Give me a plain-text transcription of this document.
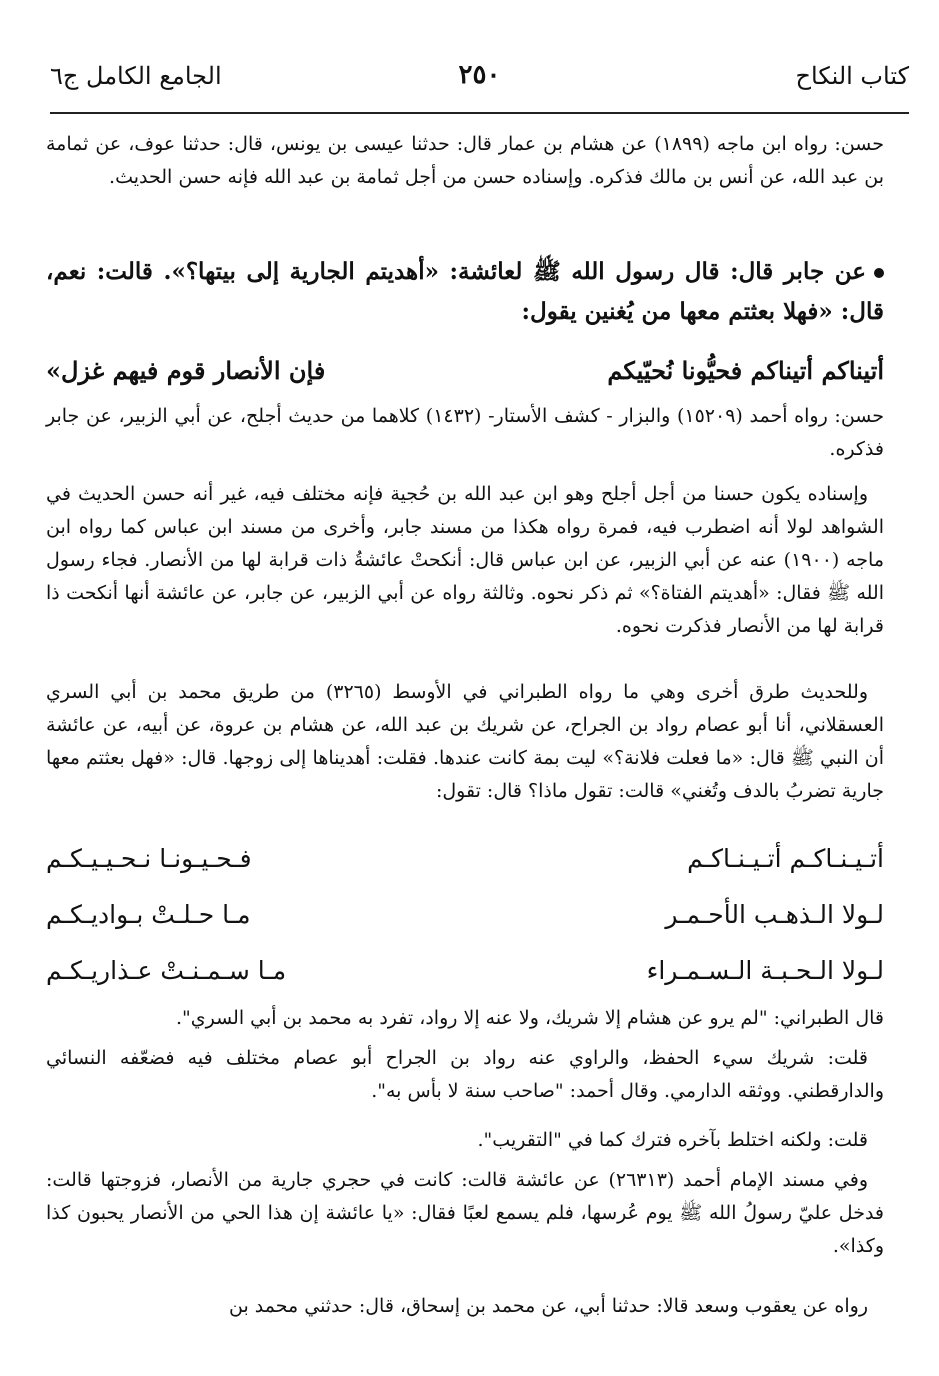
كتاب النكاح
٢٥٠
الجامع الكامل ج٦

حسن: رواه ابن ماجه (١٨٩٩) عن هشام بن عمار قال: حدثنا عيسى بن يونس، قال: حدثنا عوف، عن ثمامة بن عبد الله، عن أنس بن مالك فذكره. وإسناده حسن من أجل ثمامة بن عبد الله فإنه حسن الحديث.

عن جابر قال: قال رسول الله ﷺ لعائشة: «أهديتم الجارية إلى بيتها؟». قالت: نعم، قال: «فهلا بعثتم معها من يُغنين يقول:

أتيناكم أتيناكم فحيُّونا نُحيّيكم
فإن الأنصار قوم فيهم غزل»

حسن: رواه أحمد (١٥٢٠٩) والبزار - كشف الأستار- (١٤٣٢) كلاهما من حديث أجلح، عن أبي الزبير، عن جابر فذكره.

وإسناده يكون حسنا من أجل أجلح وهو ابن عبد الله بن حُجية فإنه مختلف فيه، غير أنه حسن الحديث في الشواهد لولا أنه اضطرب فيه، فمرة رواه هكذا من مسند جابر، وأخرى من مسند ابن عباس كما رواه ابن ماجه (١٩٠٠) عنه عن أبي الزبير، عن ابن عباس قال: أنكحتْ عائشةُ ذات قرابة لها من الأنصار. فجاء رسول الله ﷺ فقال: «أهديتم الفتاة؟» ثم ذكر نحوه. وثالثة رواه عن أبي الزبير، عن جابر، عن عائشة أنها أنكحت ذا قرابة لها من الأنصار فذكرت نحوه.

وللحديث طرق أخرى وهي ما رواه الطبراني في الأوسط (٣٢٦٥) من طريق محمد بن أبي السري العسقلاني، أنا أبو عصام رواد بن الجراح، عن شريك بن عبد الله، عن هشام بن عروة، عن أبيه، عن عائشة أن النبي ﷺ قال: «ما فعلت فلانة؟» ليت بمة كانت عندها. فقلت: أهديناها إلى زوجها. قال: «فهل بعثتم معها جارية تضربُ بالدف وتُغني» قالت: تقول ماذا؟ قال: تقول:

أتـيـنـاكـم أتـيـنـاكـم
فـحـيـونـا نـحـيـيـكـم
لـولا الـذهـب الأحـمـر
مـا حـلـتْ بـواديـكـم
لـولا الـحـبـة الـسـمـراء
مـا سـمـنـتْ عـذاريـكـم

قال الطبراني: "لم يرو عن هشام إلا شريك، ولا عنه إلا رواد، تفرد به محمد بن أبي السري".

قلت: شريك سيء الحفظ، والراوي عنه رواد بن الجراح أبو عصام مختلف فيه فضعّفه النسائي والدارقطني. ووثقه الدارمي. وقال أحمد: "صاحب سنة لا بأس به".

قلت: ولكنه اختلط بآخره فترك كما في "التقريب".

وفي مسند الإمام أحمد (٢٦٣١٣) عن عائشة قالت: كانت في حجري جارية من الأنصار، فزوجتها قالت: فدخل عليّ رسولُ الله ﷺ يوم عُرسها، فلم يسمع لعبًا فقال: «يا عائشة إن هذا الحي من الأنصار يحبون كذا وكذا».

رواه عن يعقوب وسعد قالا: حدثنا أبي، عن محمد بن إسحاق، قال: حدثني محمد بن
